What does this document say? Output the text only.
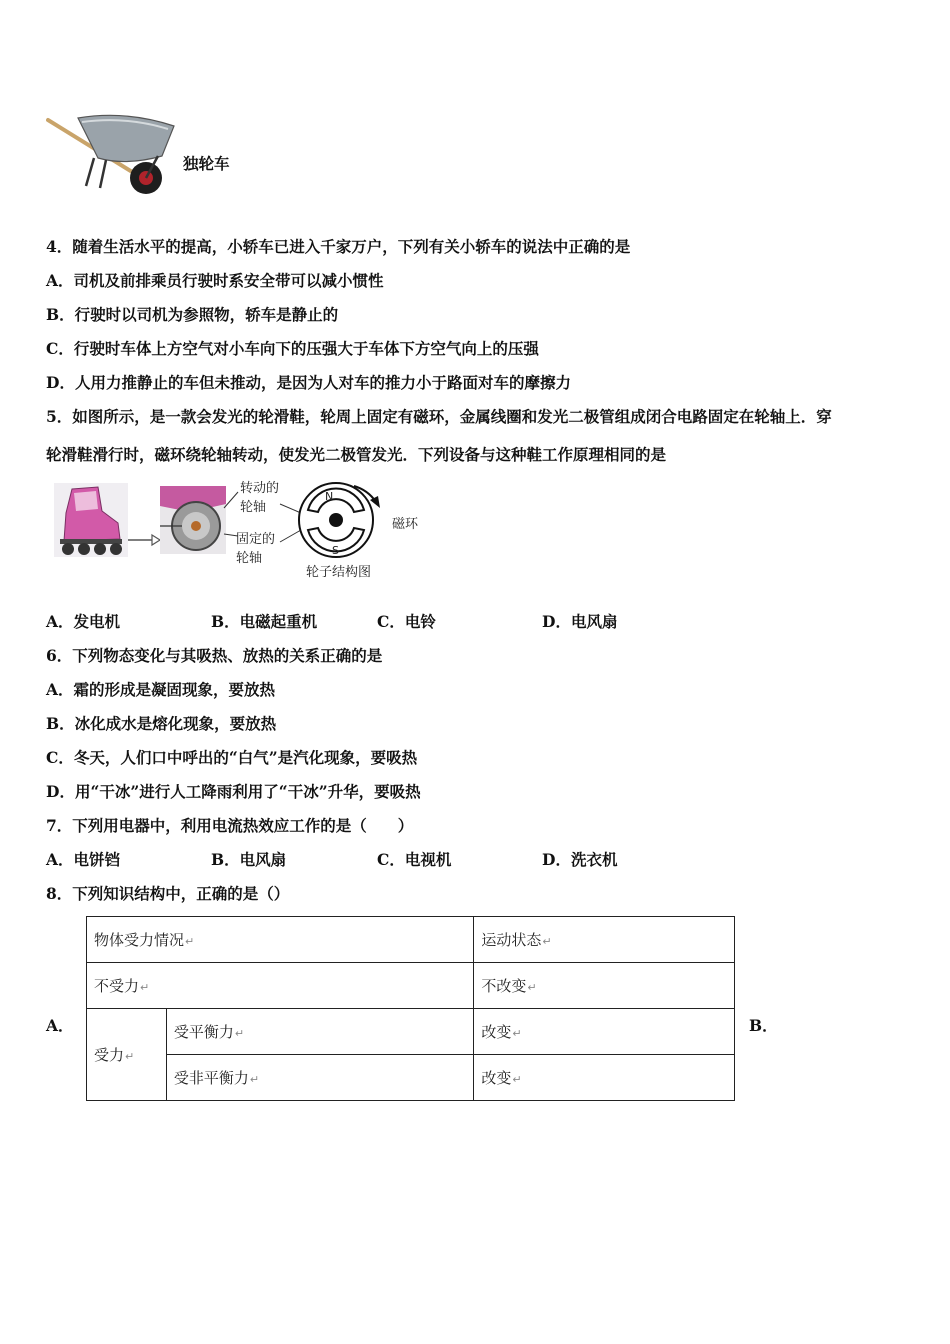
独轮车
4．随着生活水平的提高，小轿车已进入千家万户，下列有关小轿车的说法中正确的是
A．司机及前排乘员行驶时系安全带可以减小惯性
B．行驶时以司机为参照物，轿车是静止的
C．行驶时车体上方空气对小车向下的压强大于车体下方空气向上的压强
D．人用力推静止的车但未推动，是因为人对车的推力小于路面对车的摩擦力
5．如图所示，是一款会发光的轮滑鞋，轮周上固定有磁环，金属线圈和发光二极管组成闭合电路固定在轮轴上．穿
轮滑鞋滑行时，磁环绕轮轴转动，使发光二极管发光．下列设备与这种鞋工作原理相同的是
转动的
轮轴
固定的
轮轴
N
S
磁环
轮子结构图
A．发电机	B．电磁起重机	C．电铃	D．电风扇
6．下列物态变化与其吸热、放热的关系正确的是
A．霜的形成是凝固现象，要放热
B．冰化成水是熔化现象，要放热
C．冬天，人们口中呼出的“白气”是汽化现象，要吸热
D．用“干冰”进行人工降雨利用了“干冰”升华，要吸热
7．下列用电器中，利用电流热效应工作的是（　　）
A．电饼铛	B．电风扇	C．电视机	D．洗衣机
8．下列知识结构中，正确的是（）
A．	B．
物体受力情况↵		运动状态↵
不受力↵		不改变↵
受力↵	受平衡力↵	改变↵
	受非平衡力↵	改变↵
